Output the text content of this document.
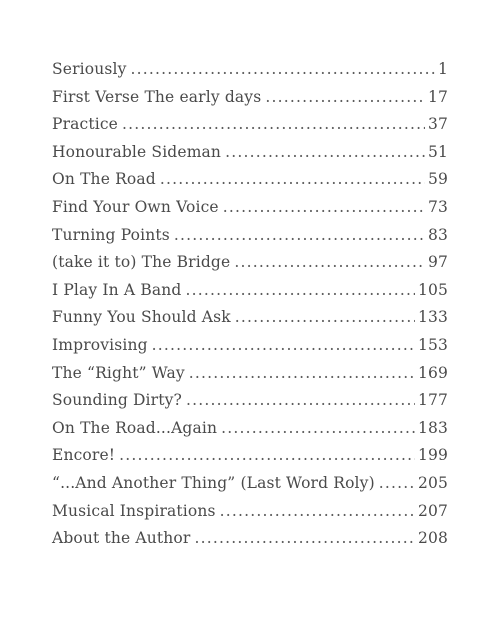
Seriously .....	1
First Verse The early days .....	17
Practice .....	37
Honourable Sideman .....	51
On The Road .....	59
Find Your Own Voice .....	73
Turning Points .....	83
(take it to) The Bridge .....	97
I Play In A Band .....	105
Funny You Should Ask .....	133
Improvising .....	153
The “Right” Way .....	169
Sounding Dirty? .....	177
On The Road...Again .....	183
Encore! .....	199
“...And Another Thing” (Last Word Roly) .....	205
Musical Inspirations .....	207
About the Author .....	208
